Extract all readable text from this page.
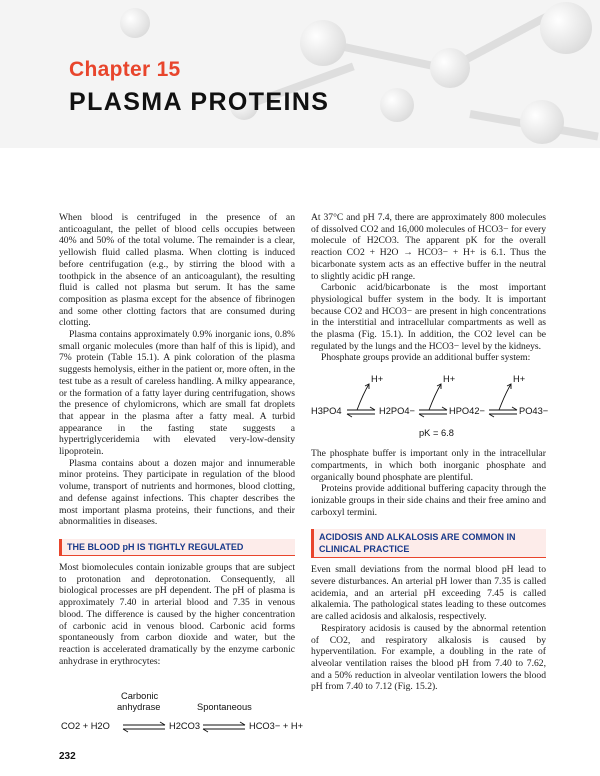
Chapter 15
PLASMA PROTEINS

When blood is centrifuged in the presence of an anticoagulant, the pellet of blood cells occupies between 40% and 50% of the total volume. The remainder is a clear, yellowish fluid called plasma. When clotting is induced before centrifugation (e.g., by stirring the blood with a toothpick in the absence of an anticoagulant), the resulting fluid is called not plasma but serum. It has the same composition as plasma except for the absence of fibrinogen and some other clotting factors that are consumed during clotting.

Plasma contains approximately 0.9% inorganic ions, 0.8% small organic molecules (more than half of this is lipid), and 7% protein (Table 15.1). A pink coloration of the plasma suggests hemolysis, either in the patient or, more often, in the test tube as a result of careless handling. A milky appearance, or the formation of a fatty layer during centrifugation, shows the presence of chylomicrons, which are small fat droplets that appear in the plasma after a fatty meal. A turbid appearance in the fasting state suggests a hypertriglyceridemia with elevated very-low-density lipoprotein.

Plasma contains about a dozen major and innumerable minor proteins. They participate in regulation of the blood volume, transport of nutrients and hormones, blood clotting, and defense against infections. This chapter describes the most important plasma proteins, their functions, and their abnormalities in diseases.

THE BLOOD pH IS TIGHTLY REGULATED

Most biomolecules contain ionizable groups that are subject to protonation and deprotonation. Consequently, all biological processes are pH dependent. The pH of plasma is approximately 7.40 in arterial blood and 7.35 in venous blood. The difference is caused by the higher concentration of carbonic acid in venous blood. Carbonic acid forms spontaneously from carbon dioxide and water, but the reaction is accelerated dramatically by the enzyme carbonic anhydrase in erythrocytes:

Carbonic
anhydrase	Spontaneous
CO2 + H2O	H2CO3	HCO3− + H+

At 37°C and pH 7.4, there are approximately 800 molecules of dissolved CO2 and 16,000 molecules of HCO3− for every molecule of H2CO3. The apparent pK for the overall reaction CO2 + H2O → HCO3− + H+ is 6.1. Thus the bicarbonate system acts as an effective buffer in the neutral to slightly acidic pH range.

Carbonic acid/bicarbonate is the most important physiological buffer system in the body. It is important because CO2 and HCO3− are present in high concentrations in the interstitial and intracellular compartments as well as the plasma (Fig. 15.1). In addition, the CO2 level can be regulated by the lungs and the HCO3− level by the kidneys.

Phosphate groups provide an additional buffer system:

H+	H+	H+
H3PO4	H2PO4−	HPO42−	PO43−
pK = 6.8

The phosphate buffer is important only in the intracellular compartments, in which both inorganic phosphate and organically bound phosphate are plentiful.

Proteins provide additional buffering capacity through the ionizable groups in their side chains and their free amino and carboxyl termini.

ACIDOSIS AND ALKALOSIS ARE COMMON IN CLINICAL PRACTICE

Even small deviations from the normal blood pH lead to severe disturbances. An arterial pH lower than 7.35 is called acidemia, and an arterial pH exceeding 7.45 is called alkalemia. The pathological states leading to these outcomes are called acidosis and alkalosis, respectively.

Respiratory acidosis is caused by the abnormal retention of CO2, and respiratory alkalosis is caused by hyperventilation. For example, a doubling in the rate of alveolar ventilation raises the blood pH from 7.40 to 7.62, and a 50% reduction in alveolar ventilation lowers the blood pH from 7.40 to 7.12 (Fig. 15.2).

232
